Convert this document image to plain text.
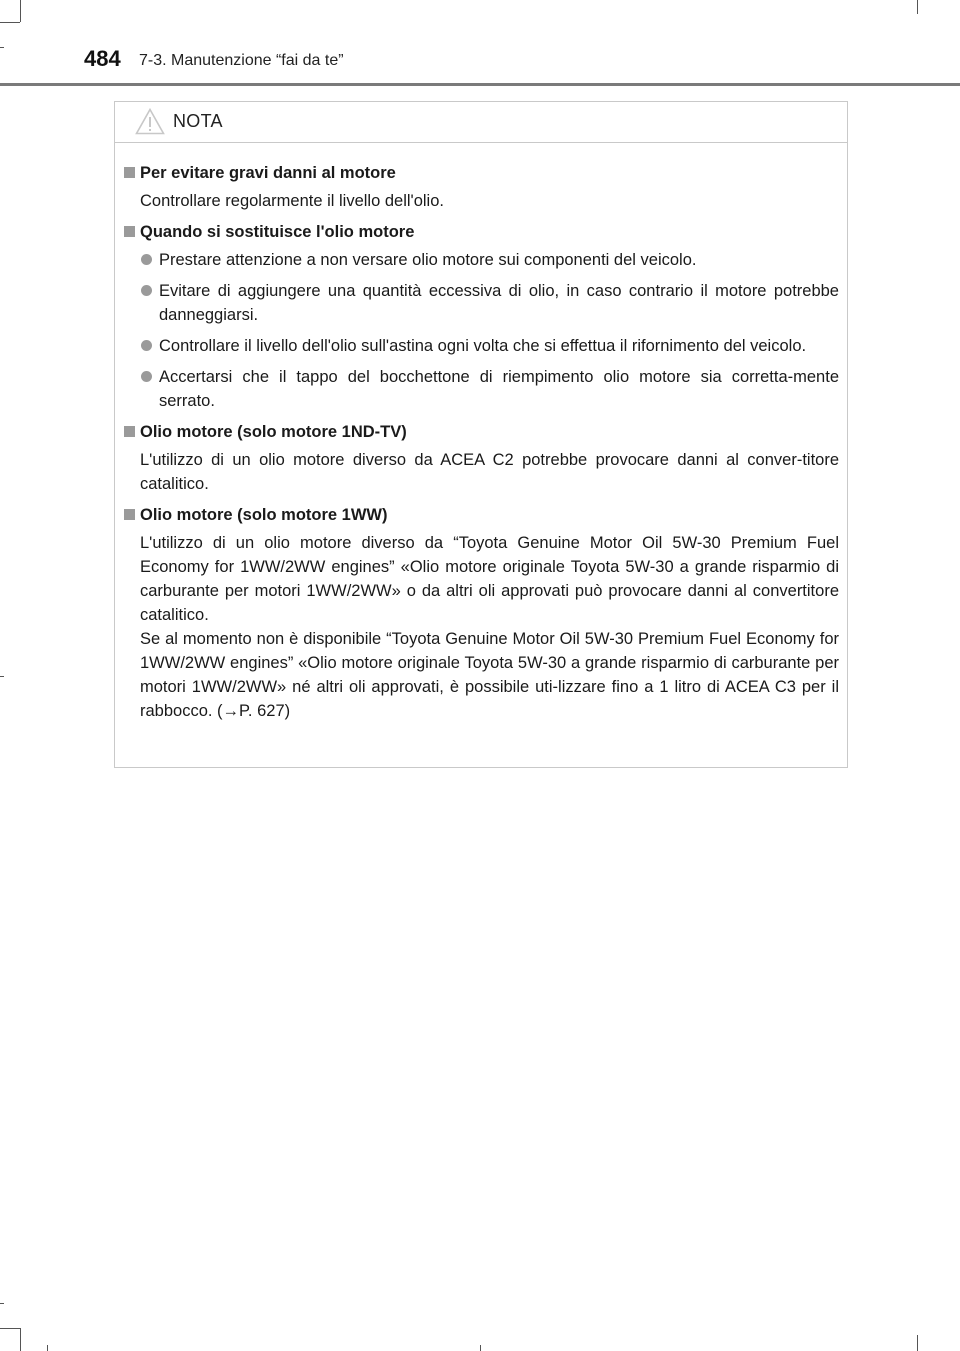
484 7-3. Manutenzione “fai da te”
NOTA
Per evitare gravi danni al motore

Controllare regolarmente il livello dell'olio.

Quando si sostituisce l'olio motore

Prestare attenzione a non versare olio motore sui componenti del veicolo.

Evitare di aggiungere una quantità eccessiva di olio, in caso contrario il motore potrebbe danneggiarsi.

Controllare il livello dell'olio sull'astina ogni volta che si effettua il rifornimento del veicolo.

Accertarsi che il tappo del bocchettone di riempimento olio motore sia corretta-mente serrato.

Olio motore (solo motore 1ND-TV)

L'utilizzo di un olio motore diverso da ACEA C2 potrebbe provocare danni al conver-titore catalitico.

Olio motore (solo motore 1WW)

L'utilizzo di un olio motore diverso da “Toyota Genuine Motor Oil 5W-30 Premium Fuel Economy for 1WW/2WW engines” «Olio motore originale Toyota 5W-30 a grande risparmio di carburante per motori 1WW/2WW» o da altri oli approvati può provocare danni al convertitore catalitico.

Se al momento non è disponibile “Toyota Genuine Motor Oil 5W-30 Premium Fuel Economy for 1WW/2WW engines” «Olio motore originale Toyota 5W-30 a grande risparmio di carburante per motori 1WW/2WW» né altri oli approvati, è possibile uti-lizzare fino a 1 litro di ACEA C3 per il rabbocco. (→P. 627)
